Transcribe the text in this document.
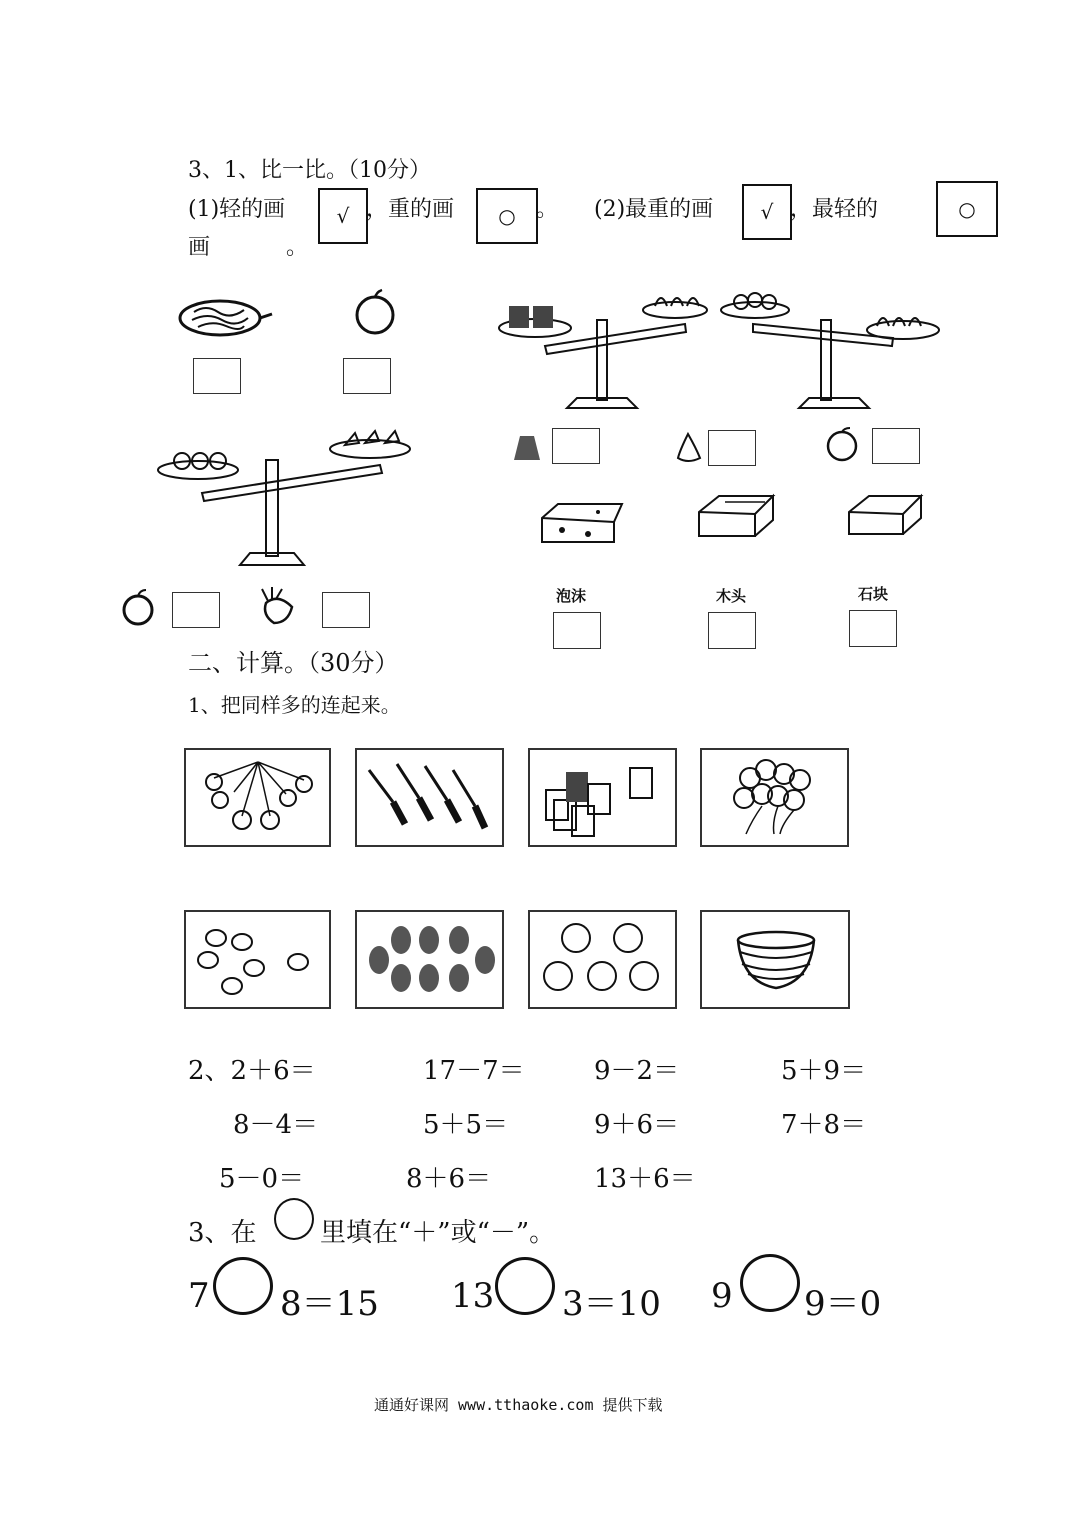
3、1、比一比。（10分）
(1)轻的画	√ ，重的画 ○ 。 (2)最重的画 √ ，最轻的	○
画	。
泡沫	木头	石块
二、计算。（30分）
1、把同样多的连起来。
2、2＋6＝	17－7＝	9－2＝	5＋9＝
8－4＝	5＋5＝	9＋6＝	7＋8＝
5－0＝	8＋6＝	13＋6＝
3、在 里填在“＋”或“－”。
7 8＝15 13 3＝10 9 9＝0
通通好课网 www.tthaoke.com 提供下载
